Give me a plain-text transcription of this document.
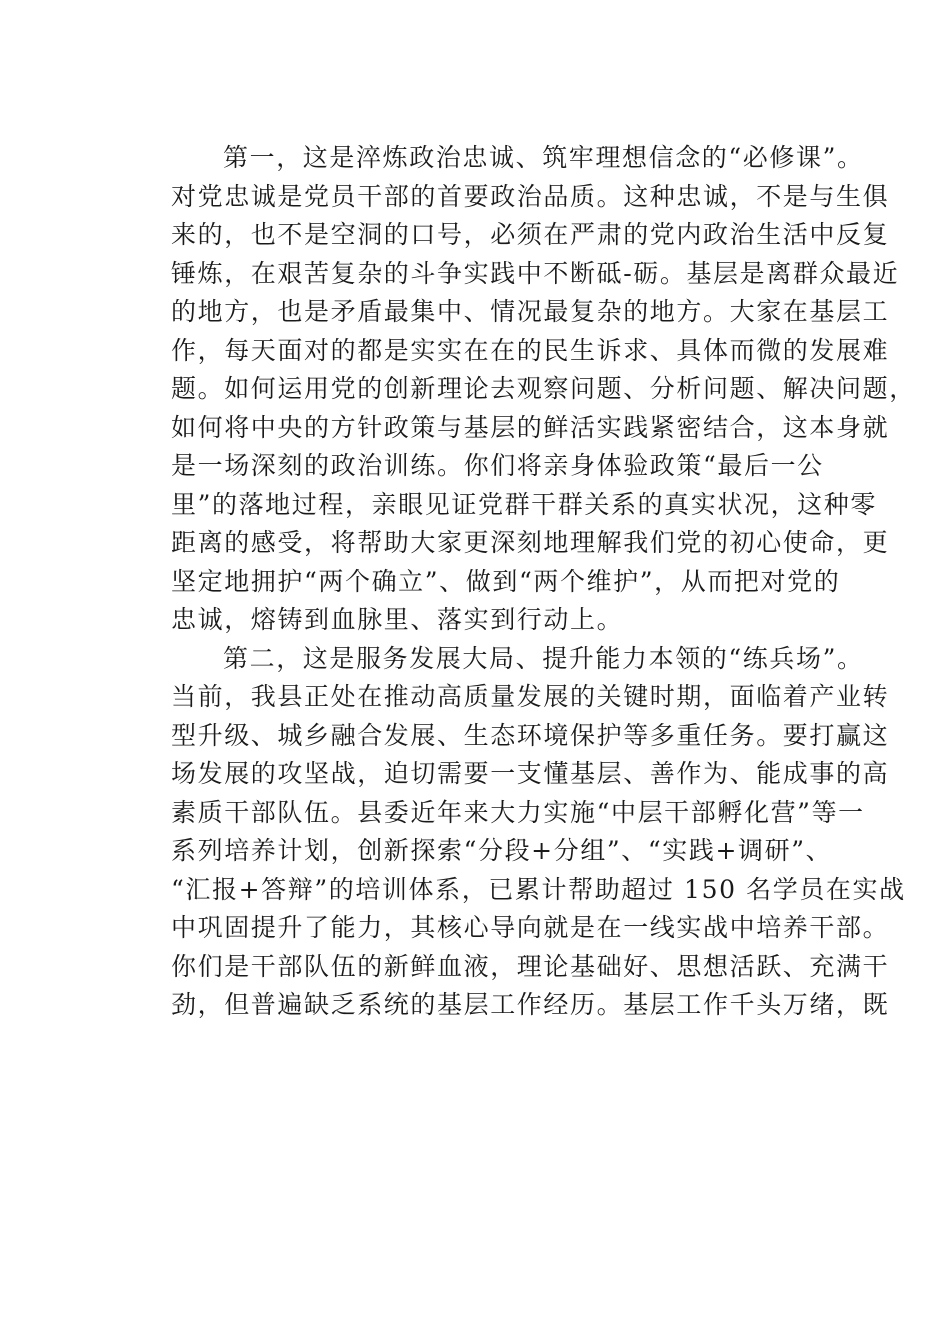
第一，这是淬炼政治忠诚、筑牢理想信念的“必修课”。
对党忠诚是党员干部的首要政治品质。这种忠诚，不是与生俱
来的，也不是空洞的口号，必须在严肃的党内政治生活中反复
锤炼，在艰苦复杂的斗争实践中不断砥-砺。基层是离群众最近
的地方，也是矛盾最集中、情况最复杂的地方。大家在基层工
作，每天面对的都是实实在在的民生诉求、具体而微的发展难
题。如何运用党的创新理论去观察问题、分析问题、解决问题，
如何将中央的方针政策与基层的鲜活实践紧密结合，这本身就
是一场深刻的政治训练。你们将亲身体验政策“最后一公
里”的落地过程，亲眼见证党群干群关系的真实状况，这种零
距离的感受，将帮助大家更深刻地理解我们党的初心使命，更
坚定地拥护“两个确立”、做到“两个维护”，从而把对党的
忠诚，熔铸到血脉里、落实到行动上。
第二，这是服务发展大局、提升能力本领的“练兵场”。
当前，我县正处在推动高质量发展的关键时期，面临着产业转
型升级、城乡融合发展、生态环境保护等多重任务。要打赢这
场发展的攻坚战，迫切需要一支懂基层、善作为、能成事的高
素质干部队伍。县委近年来大力实施“中层干部孵化营”等一
系列培养计划，创新探索“分段+分组”、“实践+调研”、
“汇报+答辩”的培训体系，已累计帮助超过 150 名学员在实战
中巩固提升了能力，其核心导向就是在一线实战中培养干部。
你们是干部队伍的新鲜血液，理论基础好、思想活跃、充满干
劲，但普遍缺乏系统的基层工作经历。基层工作千头万绪，既
